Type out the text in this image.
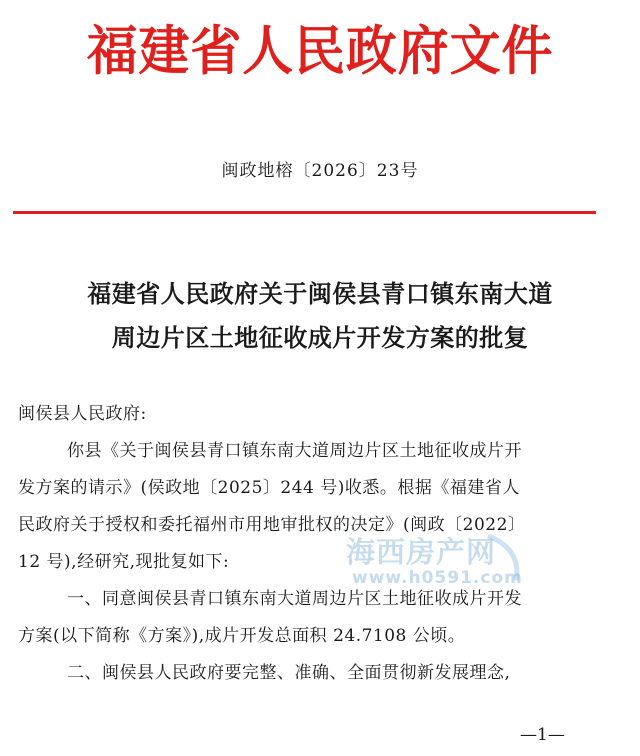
福建省人民政府文件
闽政地榕〔2026〕23号
福建省人民政府关于闽侯县青口镇东南大道
周边片区土地征收成片开发方案的批复
闽侯县人民政府:
你县《关于闽侯县青口镇东南大道周边片区土地征收成片开
发方案的请示》(侯政地〔2025〕244 号)收悉。根据《福建省人
民政府关于授权和委托福州市用地审批权的决定》(闽政〔2022〕
12 号),经研究,现批复如下:
一、同意闽侯县青口镇东南大道周边片区土地征收成片开发
方案(以下简称《方案》),成片开发总面积 24.7108 公顷。
二、闽侯县人民政府要完整、准确、全面贯彻新发展理念,
海西房产网
www.h0591.com
—1—
